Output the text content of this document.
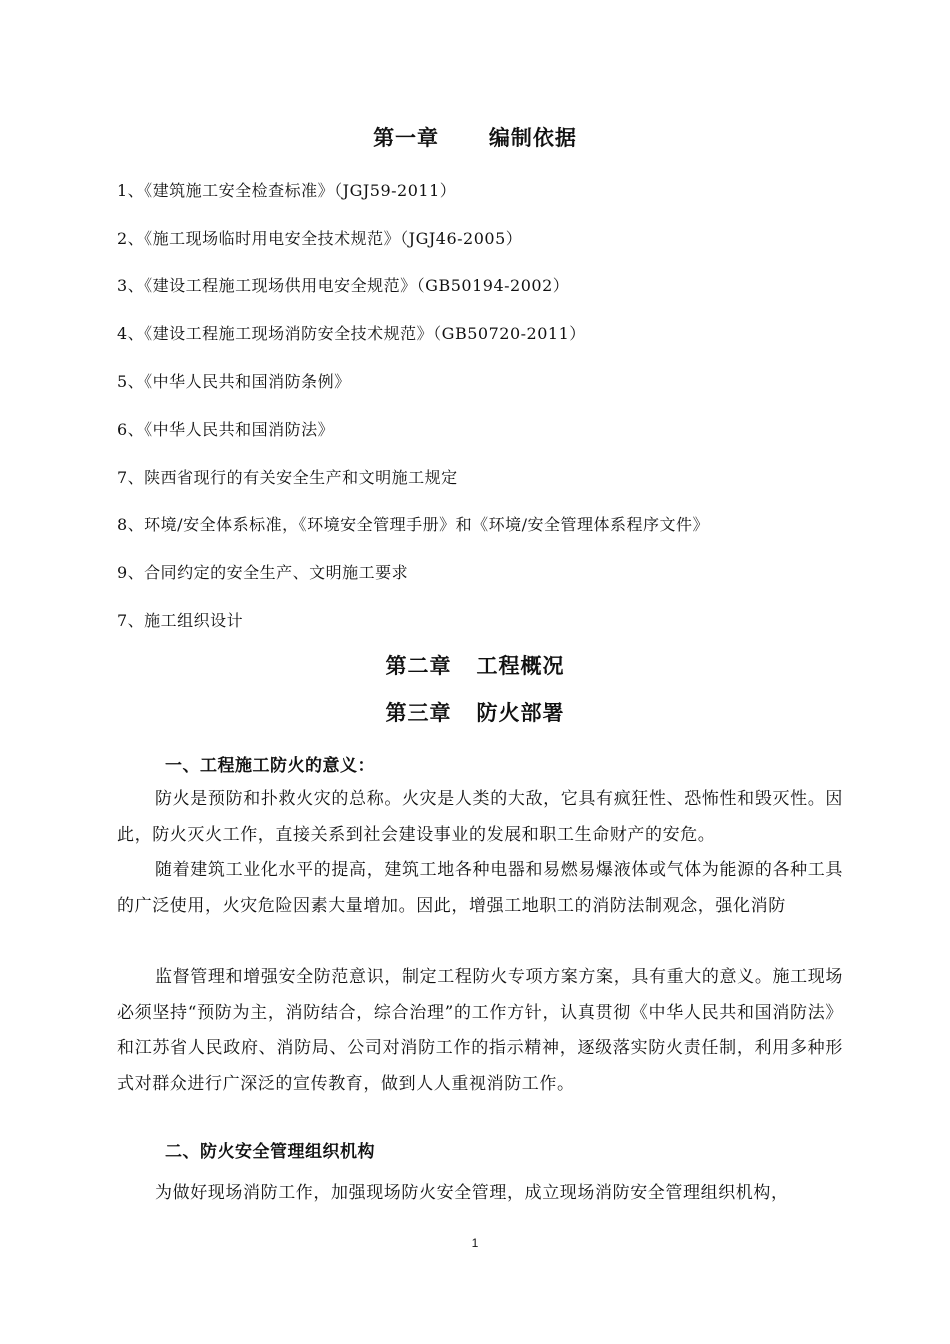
第一章      编制依据
1、《建筑施工安全检查标准》（JGJ59-2011）
2、《施工现场临时用电安全技术规范》（JGJ46-2005）
3、《建设工程施工现场供用电安全规范》（GB50194-2002）
4、《建设工程施工现场消防安全技术规范》（GB50720-2011）
5、《中华人民共和国消防条例》
6、《中华人民共和国消防法》
7、陕西省现行的有关安全生产和文明施工规定
8、环境/安全体系标准，《环境安全管理手册》和《环境/安全管理体系程序文件》
9、合同约定的安全生产、文明施工要求
7、施工组织设计
第二章   工程概况
第三章   防火部署
一、工程施工防火的意义：
防火是预防和扑救火灾的总称。火灾是人类的大敌，它具有疯狂性、恐怖性和毁灭性。因此，防火灭火工作，直接关系到社会建设事业的发展和职工生命财产的安危。
随着建筑工业化水平的提高，建筑工地各种电器和易燃易爆液体或气体为能源的各种工具的广泛使用，火灾危险因素大量增加。因此，增强工地职工的消防法制观念，强化消防
监督管理和增强安全防范意识，制定工程防火专项方案方案，具有重大的意义。施工现场必须坚持“预防为主，消防结合，综合治理”的工作方针，认真贯彻《中华人民共和国消防法》和江苏省人民政府、消防局、公司对消防工作的指示精神，逐级落实防火责任制，利用多种形式对群众进行广深泛的宣传教育，做到人人重视消防工作。
二、防火安全管理组织机构
为做好现场消防工作，加强现场防火安全管理，成立现场消防安全管理组织机构，
1
